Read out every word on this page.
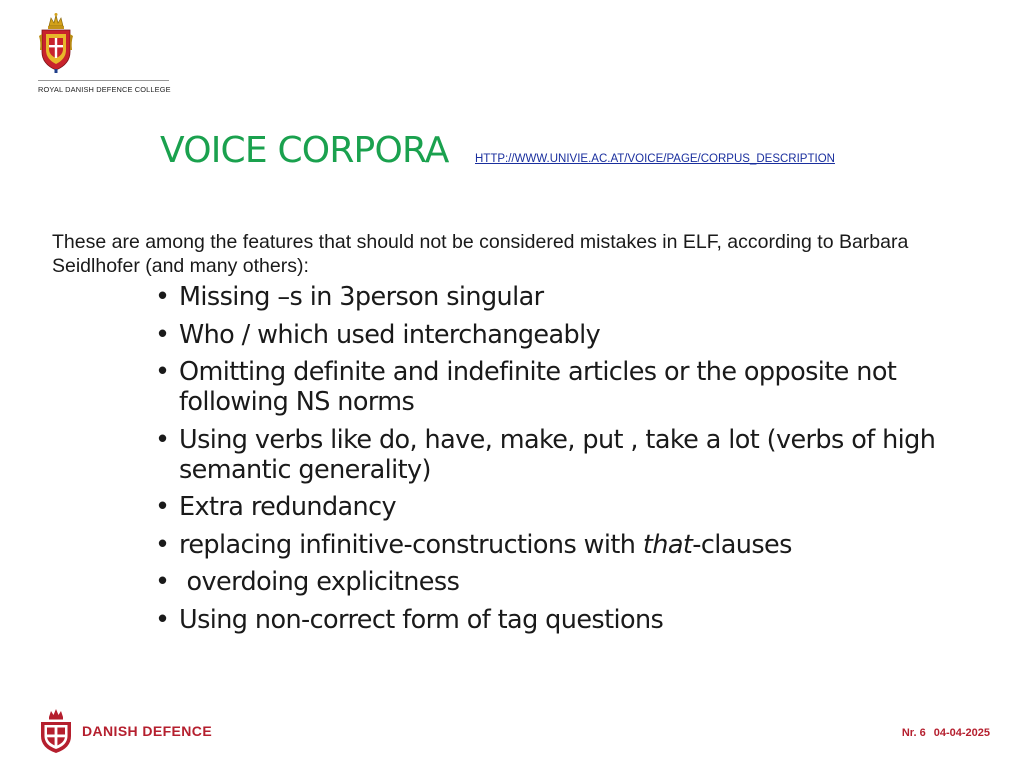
ROYAL DANISH DEFENCE COLLEGE
VOICE CORPORA HTTP://WWW.UNIVIE.AC.AT/VOICE/PAGE/CORPUS_DESCRIPTION
These are among the features that should not be considered mistakes in ELF, according to Barbara Seidlhofer (and many others):
• Missing –s in 3person singular
• Who / which used interchangeably
• Omitting definite and indefinite articles or the opposite not following NS norms
• Using verbs like do, have, make, put , take a lot (verbs of high semantic generality)
• Extra redundancy
• replacing infinitive-constructions with that-clauses
• overdoing explicitness
• Using non-correct form of tag questions
DANISH DEFENCE	Nr. 6 04-04-2025
